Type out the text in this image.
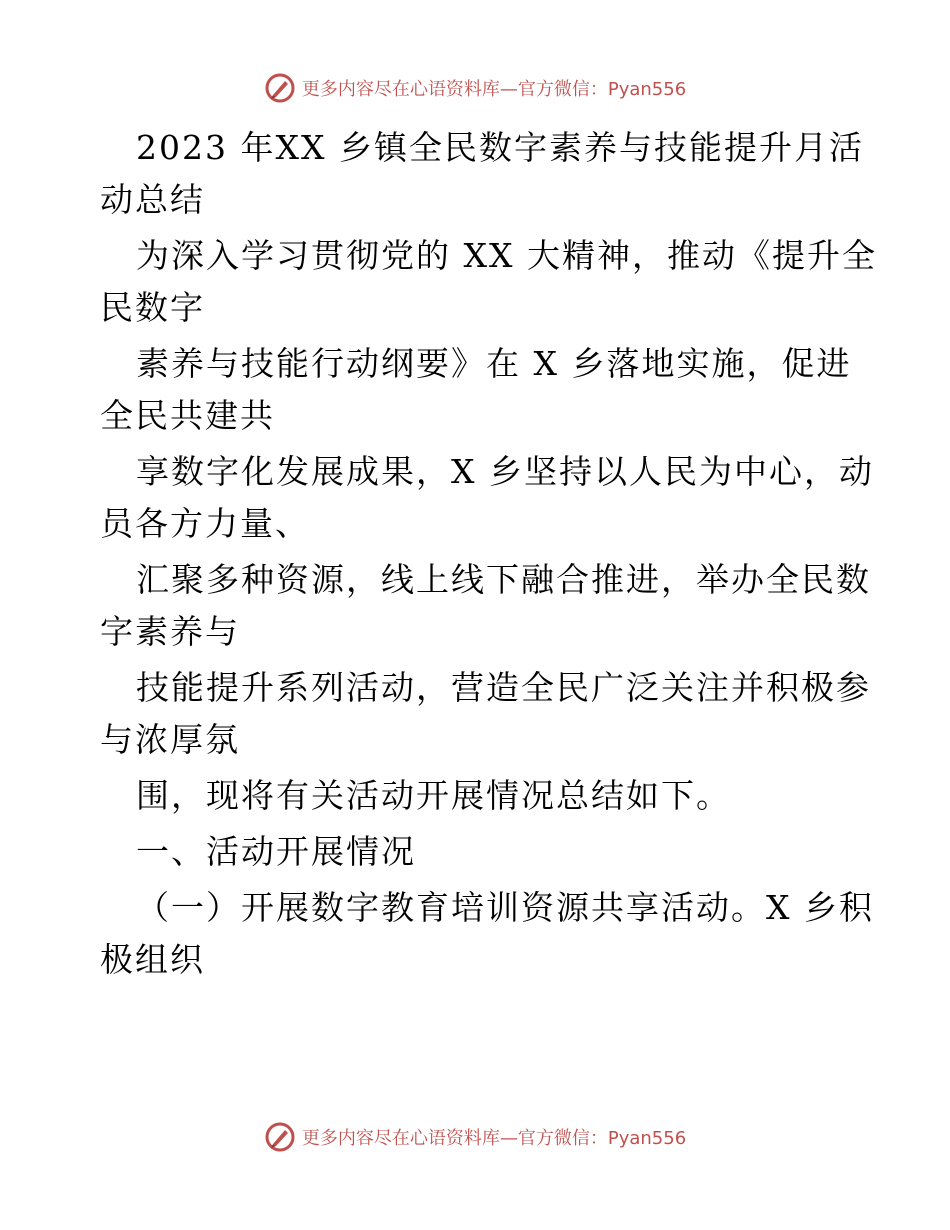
更多内容尽在心语资料库—官方微信：Pyan556
2023 年XX 乡镇全民数字素养与技能提升月活
动总结
为深入学习贯彻党的 XX 大精神，推动《提升全
民数字
素养与技能行动纲要》在 X 乡落地实施，促进
全民共建共
享数字化发展成果，X 乡坚持以人民为中心，动
员各方力量、
汇聚多种资源，线上线下融合推进，举办全民数
字素养与
技能提升系列活动，营造全民广泛关注并积极参
与浓厚氛
围，现将有关活动开展情况总结如下。
一、活动开展情况
（一）开展数字教育培训资源共享活动。X 乡积
极组织
更多内容尽在心语资料库—官方微信：Pyan556
